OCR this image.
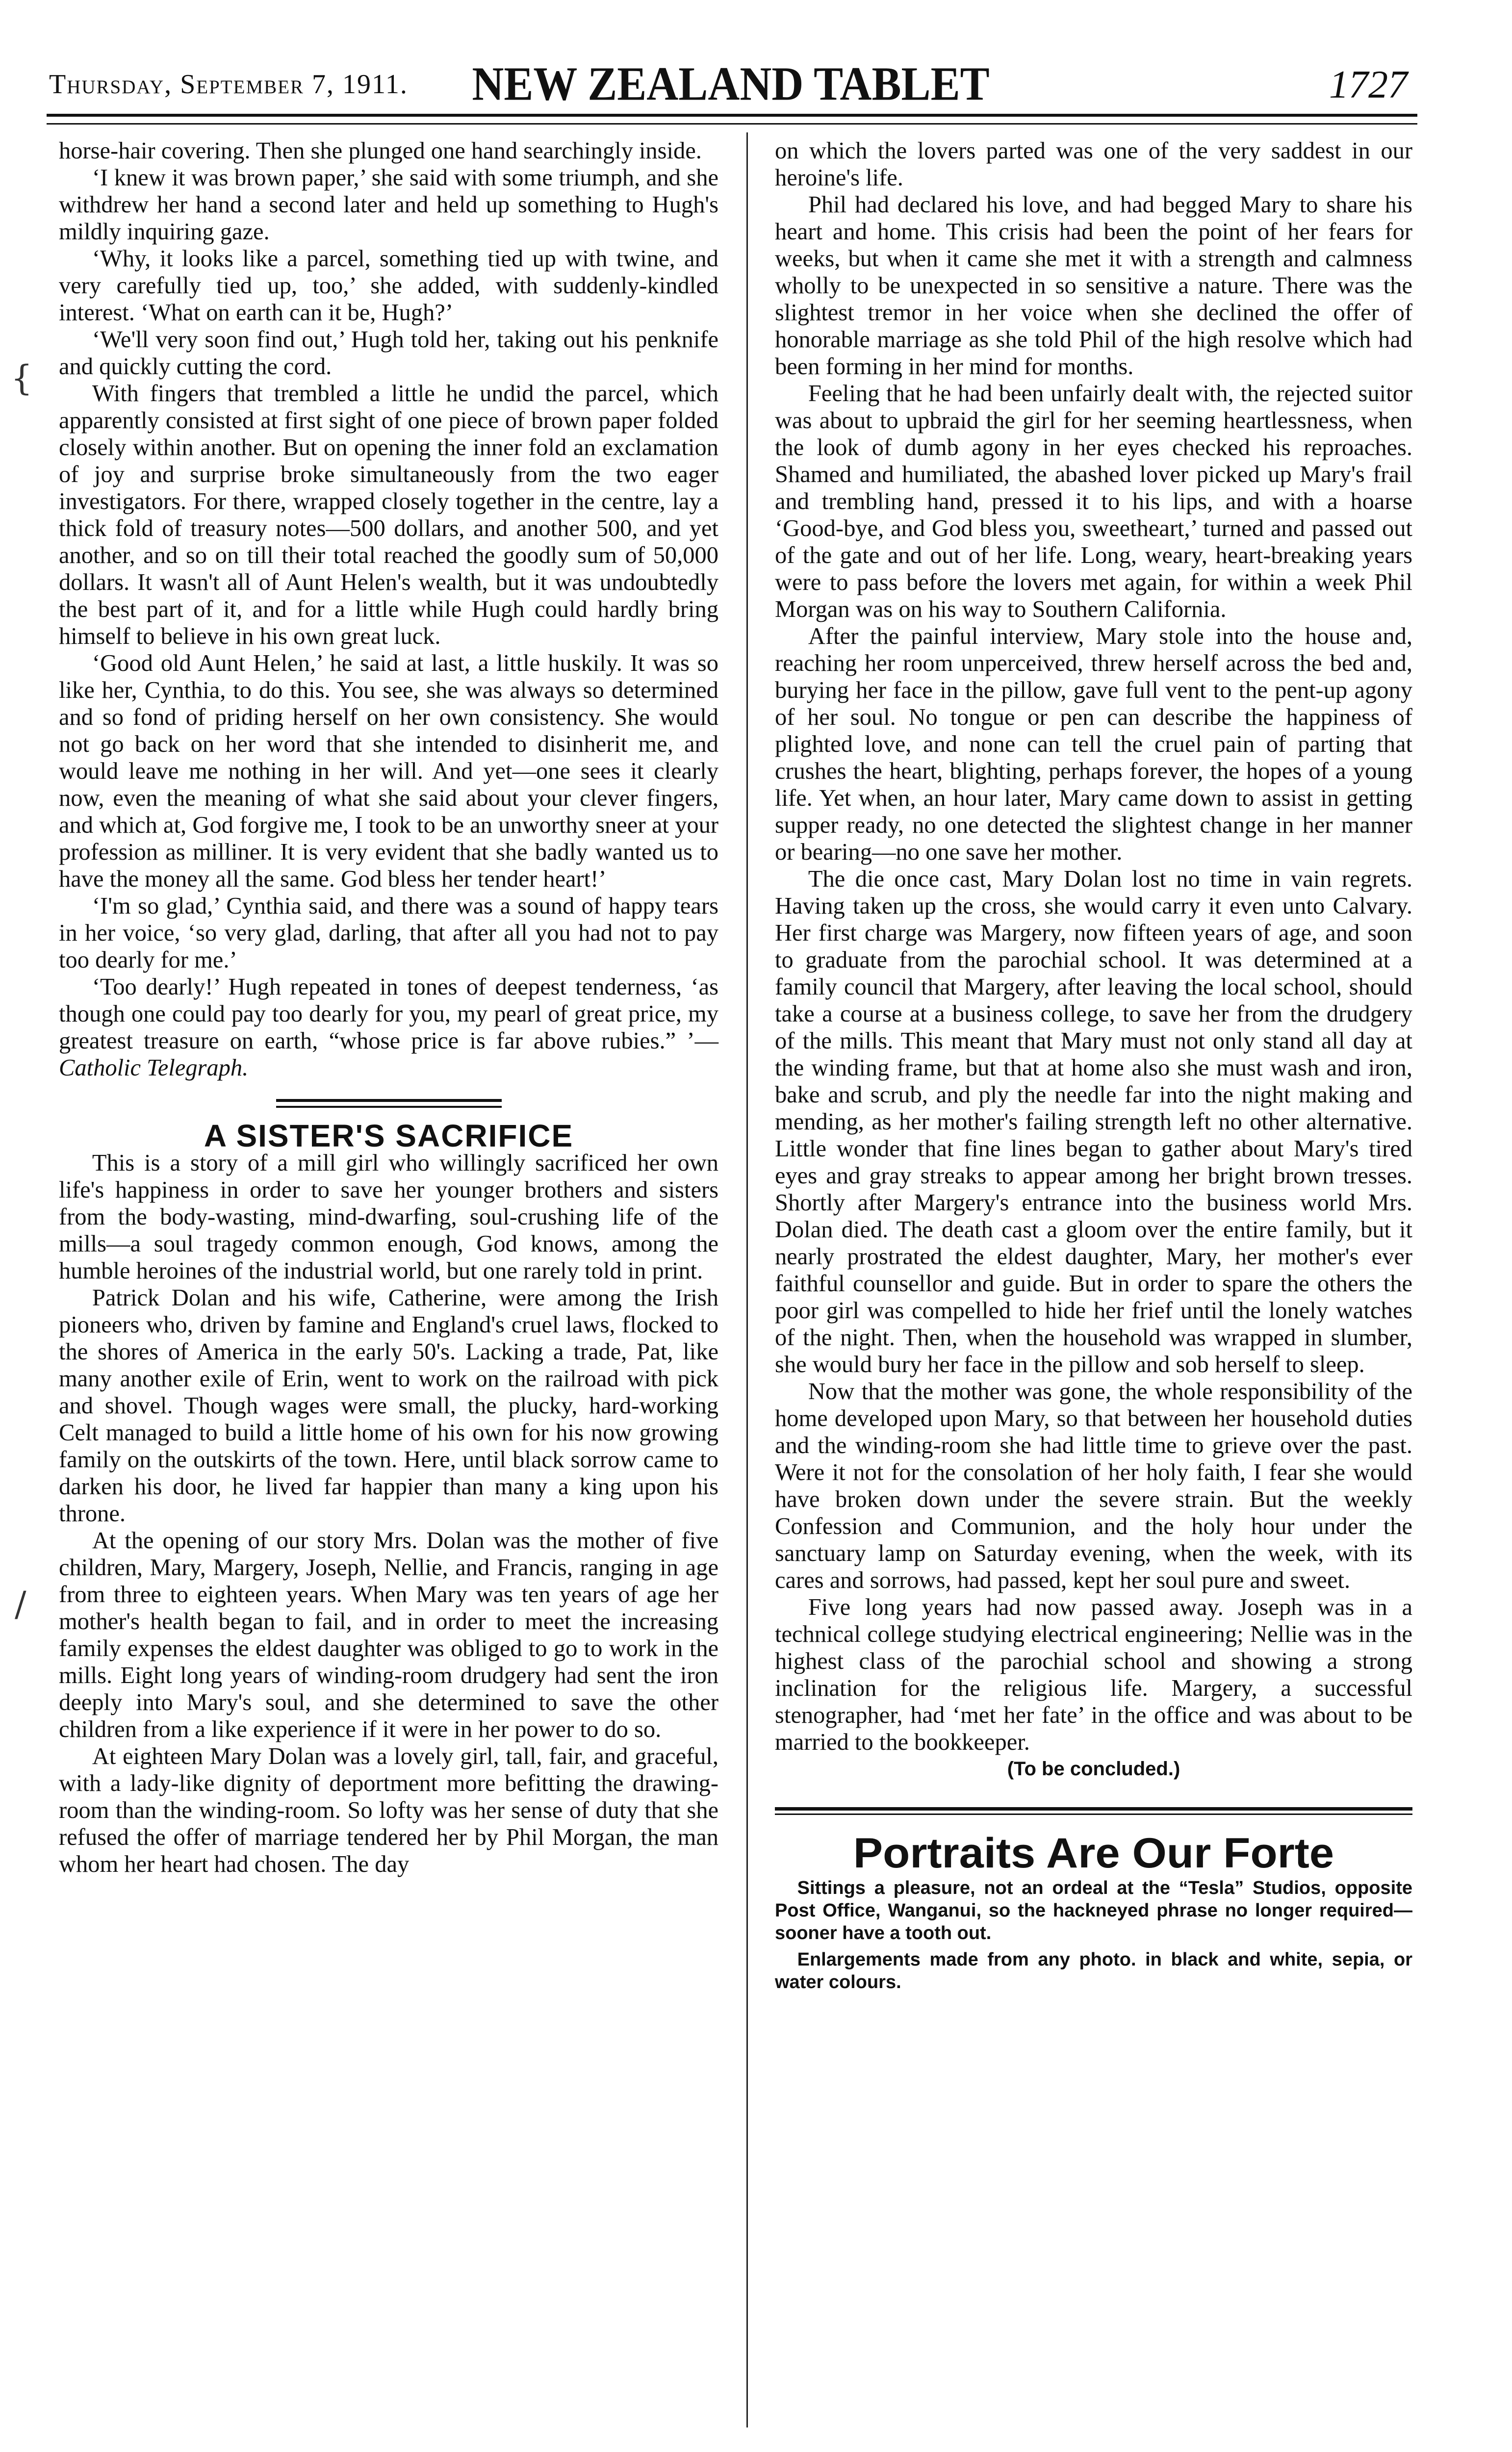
Thursday, September 7, 1911.	NEW ZEALAND TABLET	1727
{
/

horse-hair covering. Then she plunged one hand searchingly inside.

‘I knew it was brown paper,’ she said with some triumph, and she withdrew her hand a second later and held up something to Hugh's mildly inquiring gaze.

‘Why, it looks like a parcel, something tied up with twine, and very carefully tied up, too,’ she added, with suddenly-kindled interest. ‘What on earth can it be, Hugh?’

‘We'll very soon find out,’ Hugh told her, taking out his penknife and quickly cutting the cord.

With fingers that trembled a little he undid the parcel, which apparently consisted at first sight of one piece of brown paper folded closely within another. But on opening the inner fold an exclamation of joy and surprise broke simultaneously from the two eager investigators. For there, wrapped closely together in the centre, lay a thick fold of treasury notes—500 dollars, and another 500, and yet another, and so on till their total reached the goodly sum of 50,000 dollars. It wasn't all of Aunt Helen's wealth, but it was undoubtedly the best part of it, and for a little while Hugh could hardly bring himself to believe in his own great luck.

‘Good old Aunt Helen,’ he said at last, a little huskily. It was so like her, Cynthia, to do this. You see, she was always so determined and so fond of priding herself on her own consistency. She would not go back on her word that she intended to disinherit me, and would leave me nothing in her will. And yet—one sees it clearly now, even the meaning of what she said about your clever fingers, and which at, God forgive me, I took to be an unworthy sneer at your profession as milliner. It is very evident that she badly wanted us to have the money all the same. God bless her tender heart!’

‘I'm so glad,’ Cynthia said, and there was a sound of happy tears in her voice, ‘so very glad, darling, that after all you had not to pay too dearly for me.’

‘Too dearly!’ Hugh repeated in tones of deepest tenderness, ‘as though one could pay too dearly for you, my pearl of great price, my greatest treasure on earth, “whose price is far above rubies.” ’—Catholic Telegraph.

A SISTER'S SACRIFICE

This is a story of a mill girl who willingly sacrificed her own life's happiness in order to save her younger brothers and sisters from the body-wasting, mind-dwarfing, soul-crushing life of the mills—a soul tragedy common enough, God knows, among the humble heroines of the industrial world, but one rarely told in print.

Patrick Dolan and his wife, Catherine, were among the Irish pioneers who, driven by famine and England's cruel laws, flocked to the shores of America in the early 50's. Lacking a trade, Pat, like many another exile of Erin, went to work on the railroad with pick and shovel. Though wages were small, the plucky, hard-working Celt managed to build a little home of his own for his now growing family on the outskirts of the town. Here, until black sorrow came to darken his door, he lived far happier than many a king upon his throne.

At the opening of our story Mrs. Dolan was the mother of five children, Mary, Margery, Joseph, Nellie, and Francis, ranging in age from three to eighteen years. When Mary was ten years of age her mother's health began to fail, and in order to meet the increasing family expenses the eldest daughter was obliged to go to work in the mills. Eight long years of winding-room drudgery had sent the iron deeply into Mary's soul, and she determined to save the other children from a like experience if it were in her power to do so.

At eighteen Mary Dolan was a lovely girl, tall, fair, and graceful, with a lady-like dignity of deportment more befitting the drawing-room than the winding-room. So lofty was her sense of duty that she refused the offer of marriage tendered her by Phil Morgan, the man whom her heart had chosen. The day

on which the lovers parted was one of the very saddest in our heroine's life.

Phil had declared his love, and had begged Mary to share his heart and home. This crisis had been the point of her fears for weeks, but when it came she met it with a strength and calmness wholly to be unexpected in so sensitive a nature. There was the slightest tremor in her voice when she declined the offer of honorable marriage as she told Phil of the high resolve which had been forming in her mind for months.

Feeling that he had been unfairly dealt with, the rejected suitor was about to upbraid the girl for her seeming heartlessness, when the look of dumb agony in her eyes checked his reproaches. Shamed and humiliated, the abashed lover picked up Mary's frail and trembling hand, pressed it to his lips, and with a hoarse ‘Good-bye, and God bless you, sweetheart,’ turned and passed out of the gate and out of her life. Long, weary, heart-breaking years were to pass before the lovers met again, for within a week Phil Morgan was on his way to Southern California.

After the painful interview, Mary stole into the house and, reaching her room unperceived, threw herself across the bed and, burying her face in the pillow, gave full vent to the pent-up agony of her soul. No tongue or pen can describe the happiness of plighted love, and none can tell the cruel pain of parting that crushes the heart, blighting, perhaps forever, the hopes of a young life. Yet when, an hour later, Mary came down to assist in getting supper ready, no one detected the slightest change in her manner or bearing—no one save her mother.

The die once cast, Mary Dolan lost no time in vain regrets. Having taken up the cross, she would carry it even unto Calvary. Her first charge was Margery, now fifteen years of age, and soon to graduate from the parochial school. It was determined at a family council that Margery, after leaving the local school, should take a course at a business college, to save her from the drudgery of the mills. This meant that Mary must not only stand all day at the winding frame, but that at home also she must wash and iron, bake and scrub, and ply the needle far into the night making and mending, as her mother's failing strength left no other alternative. Little wonder that fine lines began to gather about Mary's tired eyes and gray streaks to appear among her bright brown tresses. Shortly after Margery's entrance into the business world Mrs. Dolan died. The death cast a gloom over the entire family, but it nearly prostrated the eldest daughter, Mary, her mother's ever faithful counsellor and guide. But in order to spare the others the poor girl was compelled to hide her frief until the lonely watches of the night. Then, when the household was wrapped in slumber, she would bury her face in the pillow and sob herself to sleep.

Now that the mother was gone, the whole responsibility of the home developed upon Mary, so that between her household duties and the winding-room she had little time to grieve over the past. Were it not for the consolation of her holy faith, I fear she would have broken down under the severe strain. But the weekly Confession and Communion, and the holy hour under the sanctuary lamp on Saturday evening, when the week, with its cares and sorrows, had passed, kept her soul pure and sweet.

Five long years had now passed away. Joseph was in a technical college studying electrical engineering; Nellie was in the highest class of the parochial school and showing a strong inclination for the religious life. Margery, a successful stenographer, had ‘met her fate’ in the office and was about to be married to the bookkeeper.

(To be concluded.)

Portraits Are Our Forte

Sittings a pleasure, not an ordeal at the “Tesla” Studios, opposite Post Office, Wanganui, so the hackneyed phrase no longer required—sooner have a tooth out.

Enlargements made from any photo. in black and white, sepia, or water colours.
